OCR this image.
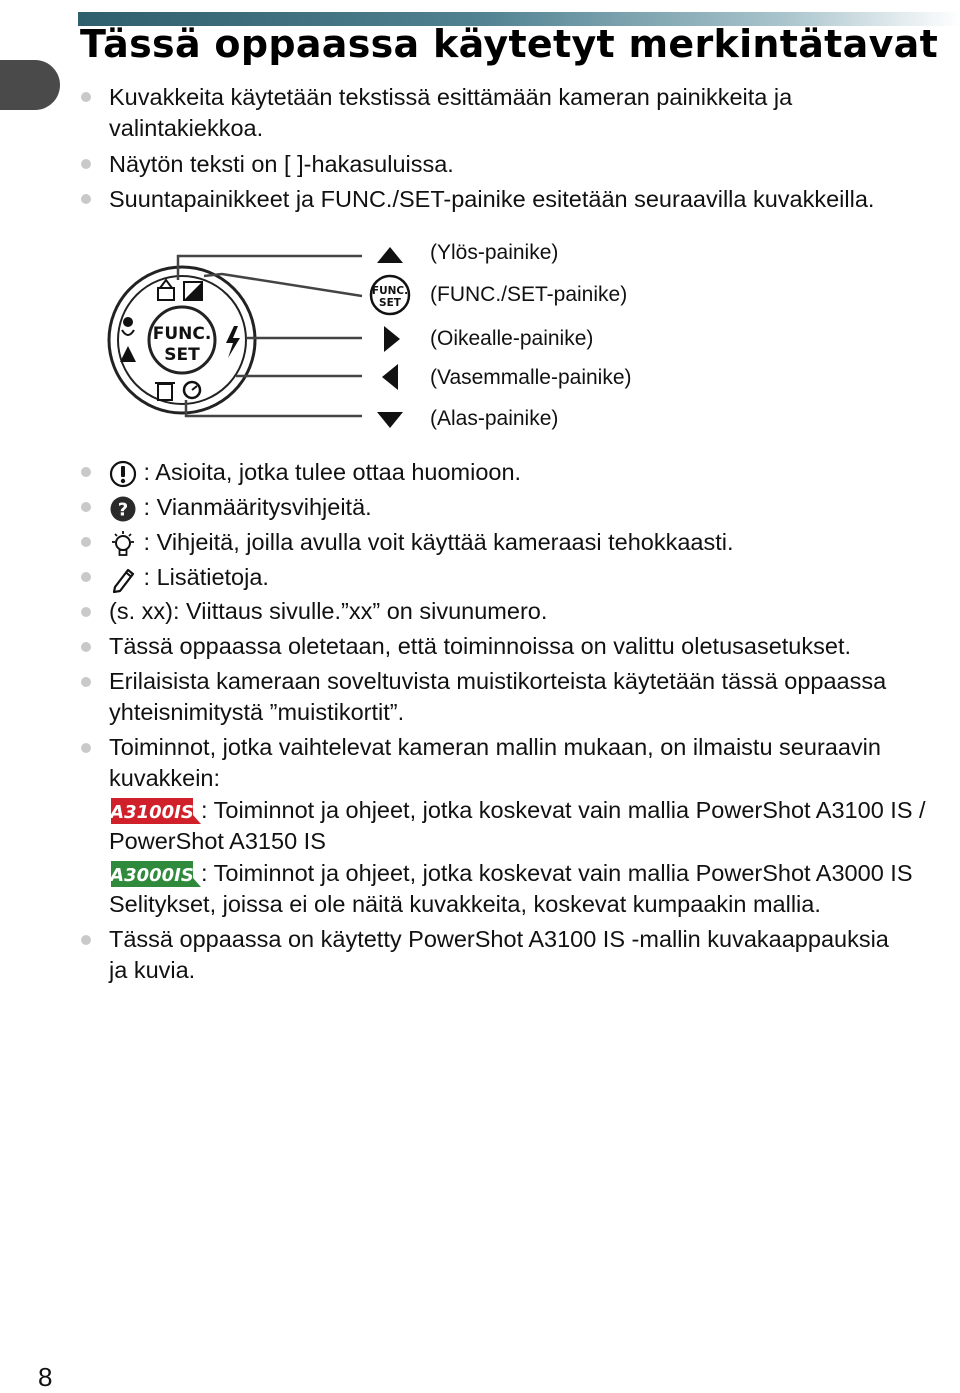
Tässä oppaassa käytetyt merkintätavat
Kuvakkeita käytetään tekstissä esittämään kameran painikkeita ja
valintakiekkoa.
Näytön teksti on [ ]-hakasuluissa.
Suuntapainikkeet ja FUNC./SET-painike esitetään seuraavilla kuvakkeilla.
FUNC.
SET
(Ylös-painike)
FUNC.
SET (FUNC./SET-painike)
(Oikealle-painike)
(Vasemmalle-painike)
(Alas-painike)
: Asioita, jotka tulee ottaa huomioon.
? : Vianmääritysvihjeitä.
: Vihjeitä, joilla avulla voit käyttää kameraasi tehokkaasti.
: Lisätietoja.
(s. xx): Viittaus sivulle.”xx” on sivunumero.
Tässä oppaassa oletetaan, että toiminnoissa on valittu oletusasetukset.
Erilaisista kameraan soveltuvista muistikorteista käytetään tässä oppaassa
yhteisnimitystä ”muistikortit”.
Toiminnot, jotka vaihtelevat kameran mallin mukaan, on ilmaistu seuraavin
kuvakkein:
A3100IS : Toiminnot ja ohjeet, jotka koskevat vain mallia PowerShot A3100 IS /
PowerShot A3150 IS
A3000IS : Toiminnot ja ohjeet, jotka koskevat vain mallia PowerShot A3000 IS
Selitykset, joissa ei ole näitä kuvakkeita, koskevat kumpaakin mallia.
Tässä oppaassa on käytetty PowerShot A3100 IS -mallin kuvakaappauksia
ja kuvia.
8
